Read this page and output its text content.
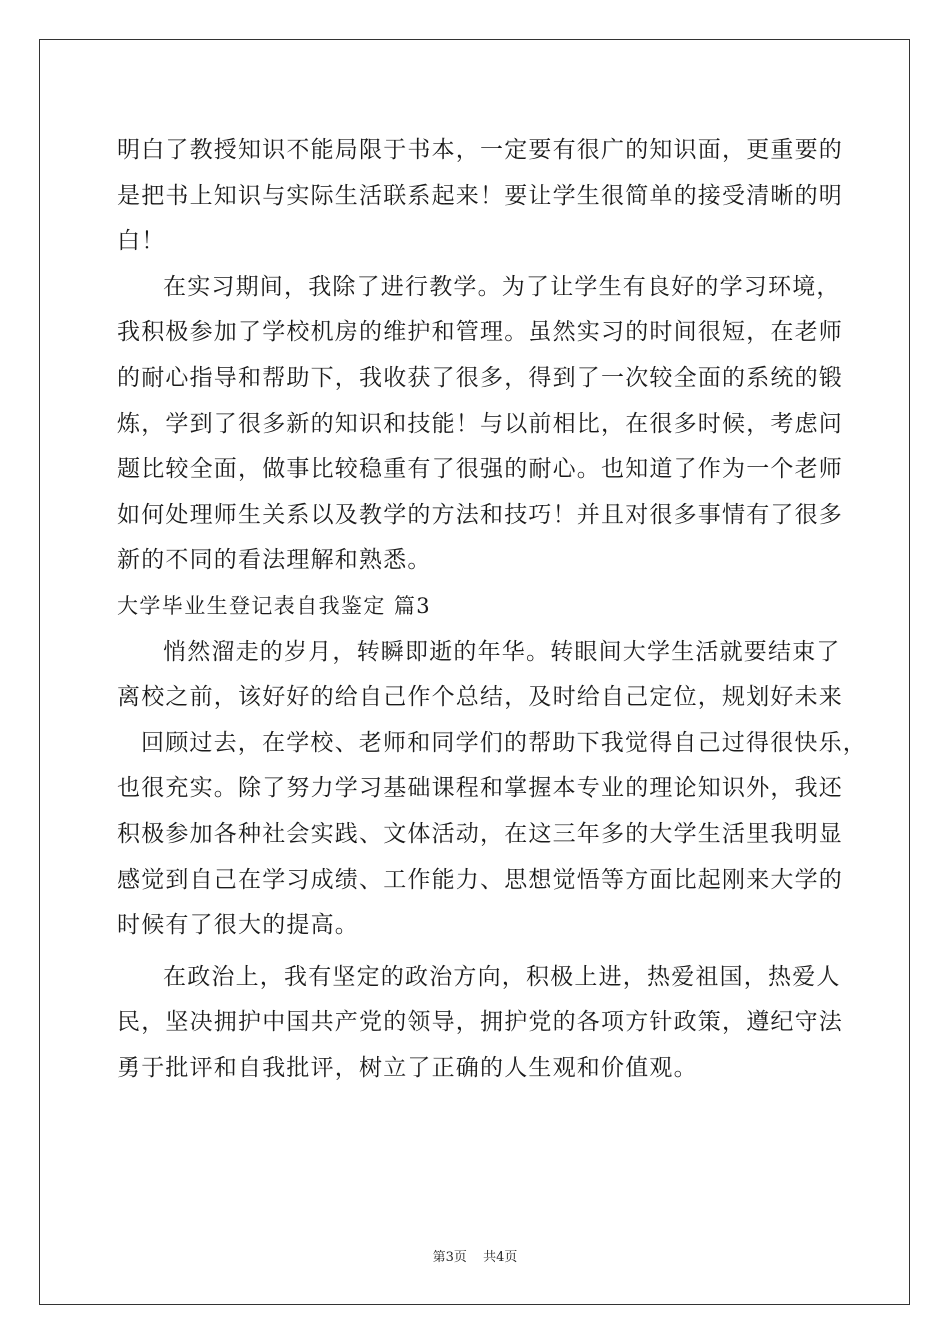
明白了教授知识不能局限于书本，一定要有很广的知识面，更重要的
是把书上知识与实际生活联系起来！要让学生很简单的接受清晰的明
白！
在实习期间，我除了进行教学。为了让学生有良好的学习环境，
我积极参加了学校机房的维护和管理。虽然实习的时间很短，在老师
的耐心指导和帮助下，我收获了很多，得到了一次较全面的系统的锻
炼，学到了很多新的知识和技能！与以前相比，在很多时候，考虑问
题比较全面，做事比较稳重有了很强的耐心。也知道了作为一个老师
如何处理师生关系以及教学的方法和技巧！并且对很多事情有了很多
新的不同的看法理解和熟悉。
大学毕业生登记表自我鉴定 篇3
悄然溜走的岁月，转瞬即逝的年华。转眼间大学生活就要结束了
离校之前，该好好的给自己作个总结，及时给自己定位，规划好未来
回顾过去，在学校、老师和同学们的帮助下我觉得自己过得很快乐，
也很充实。除了努力学习基础课程和掌握本专业的理论知识外，我还
积极参加各种社会实践、文体活动，在这三年多的大学生活里我明显
感觉到自己在学习成绩、工作能力、思想觉悟等方面比起刚来大学的
时候有了很大的提高。
在政治上，我有坚定的政治方向，积极上进，热爱祖国，热爱人
民，坚决拥护中国共产党的领导，拥护党的各项方针政策，遵纪守法
勇于批评和自我批评，树立了正确的人生观和价值观。
第3页 共4页
